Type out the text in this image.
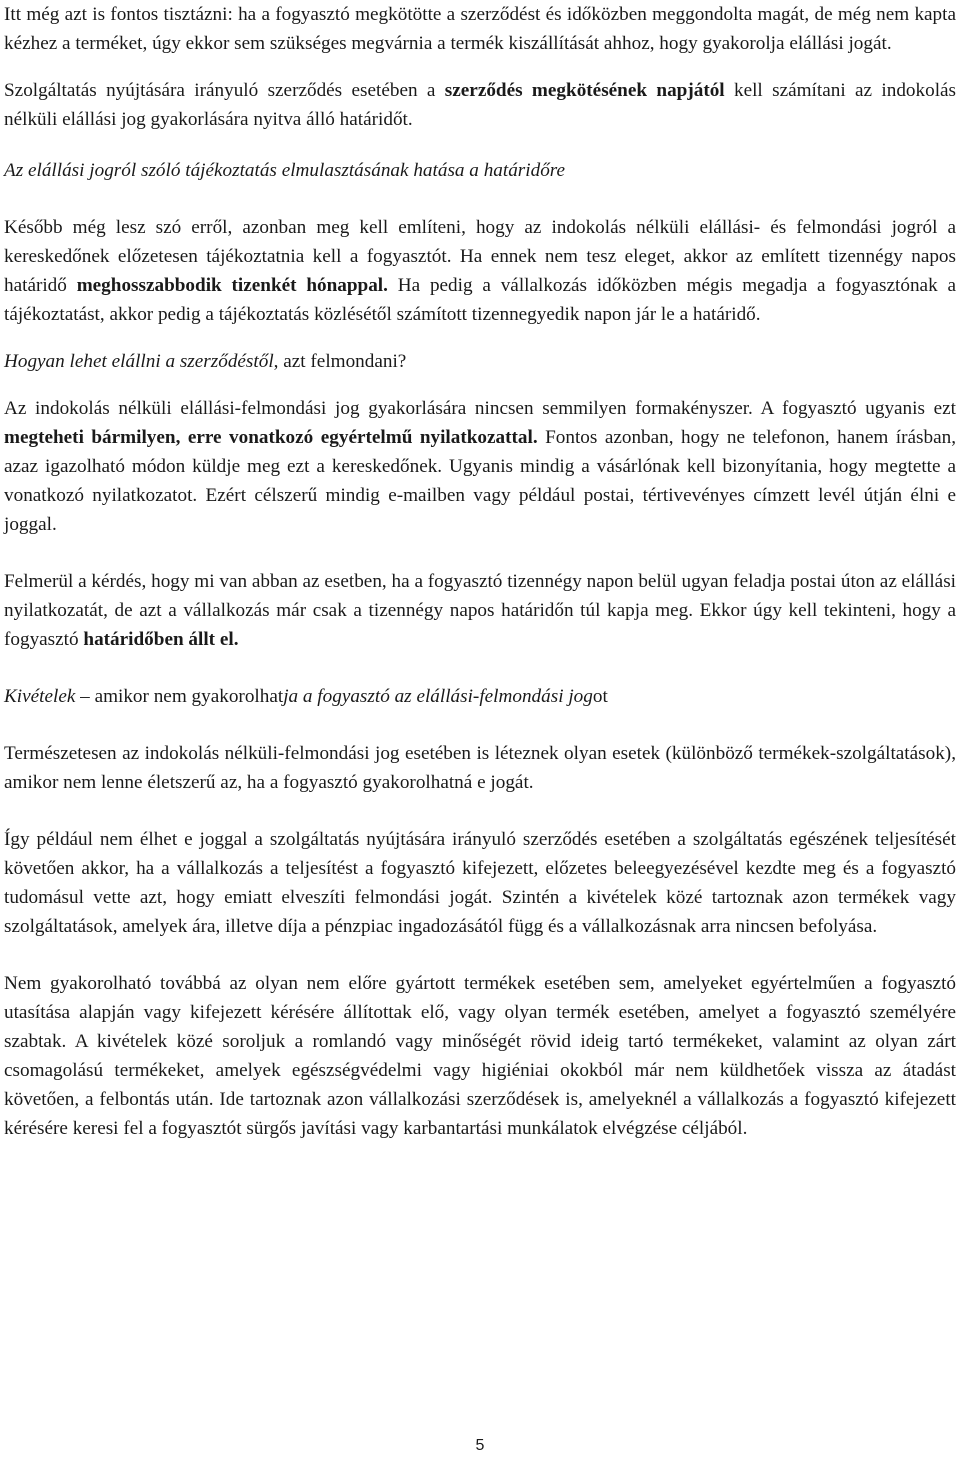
Itt még azt is fontos tisztázni: ha a fogyasztó megkötötte a szerződést és időközben meggondolta magát, de még nem kapta kézhez a terméket, úgy ekkor sem szükséges megvárnia a termék kiszállítását ahhoz, hogy gyakorolja elállási jogát.

Szolgáltatás nyújtására irányuló szerződés esetében a szerződés megkötésének napjától kell számítani az indokolás nélküli elállási jog gyakorlására nyitva álló határidőt.

Az elállási jogról szóló tájékoztatás elmulasztásának hatása a határidőre

Később még lesz szó erről, azonban meg kell említeni, hogy az indokolás nélküli elállási- és felmondási jogról a kereskedőnek előzetesen tájékoztatnia kell a fogyasztót. Ha ennek nem tesz eleget, akkor az említett tizennégy napos határidő meghosszabbodik tizenkét hónappal. Ha pedig a vállalkozás időközben mégis megadja a fogyasztónak a tájékoztatást, akkor pedig a tájékoztatás közlésétől számított tizennegyedik napon jár le a határidő.

Hogyan lehet elállni a szerződéstől, azt felmondani?

Az indokolás nélküli elállási-felmondási jog gyakorlására nincsen semmilyen formakényszer. A fogyasztó ugyanis ezt megteheti bármilyen, erre vonatkozó egyértelmű nyilatkozattal. Fontos azonban, hogy ne telefonon, hanem írásban, azaz igazolható módon küldje meg ezt a kereskedőnek. Ugyanis mindig a vásárlónak kell bizonyítania, hogy megtette a vonatkozó nyilatkozatot. Ezért célszerű mindig e-mailben vagy például postai, tértivevényes címzett levél útján élni e joggal.

Felmerül a kérdés, hogy mi van abban az esetben, ha a fogyasztó tizennégy napon belül ugyan feladja postai úton az elállási nyilatkozatát, de azt a vállalkozás már csak a tizennégy napos határidőn túl kapja meg. Ekkor úgy kell tekinteni, hogy a fogyasztó határidőben állt el.

Kivételek – amikor nem gyakorolhatja a fogyasztó az elállási-felmondási jogot

Természetesen az indokolás nélküli-felmondási jog esetében is léteznek olyan esetek (különböző termékek-szolgáltatások), amikor nem lenne életszerű az, ha a fogyasztó gyakorolhatná e jogát.

Így például nem élhet e joggal a szolgáltatás nyújtására irányuló szerződés esetében a szolgáltatás egészének teljesítését követően akkor, ha a vállalkozás a teljesítést a fogyasztó kifejezett, előzetes beleegyezésével kezdte meg és a fogyasztó tudomásul vette azt, hogy emiatt elveszíti felmondási jogát. Szintén a kivételek közé tartoznak azon termékek vagy szolgáltatások, amelyek ára, illetve díja a pénzpiac ingadozásától függ és a vállalkozásnak arra nincsen befolyása.

Nem gyakorolható továbbá az olyan nem előre gyártott termékek esetében sem, amelyeket egyértelműen a fogyasztó utasítása alapján vagy kifejezett kérésére állítottak elő, vagy olyan termék esetében, amelyet a fogyasztó személyére szabtak. A kivételek közé soroljuk a romlandó vagy minőségét rövid ideig tartó termékeket, valamint az olyan zárt csomagolású termékeket, amelyek egészségvédelmi vagy higiéniai okokból már nem küldhetőek vissza az átadást követően, a felbontás után. Ide tartoznak azon vállalkozási szerződések is, amelyeknél a vállalkozás a fogyasztó kifejezett kérésére keresi fel a fogyasztót sürgős javítási vagy karbantartási munkálatok elvégzése céljából.

5
